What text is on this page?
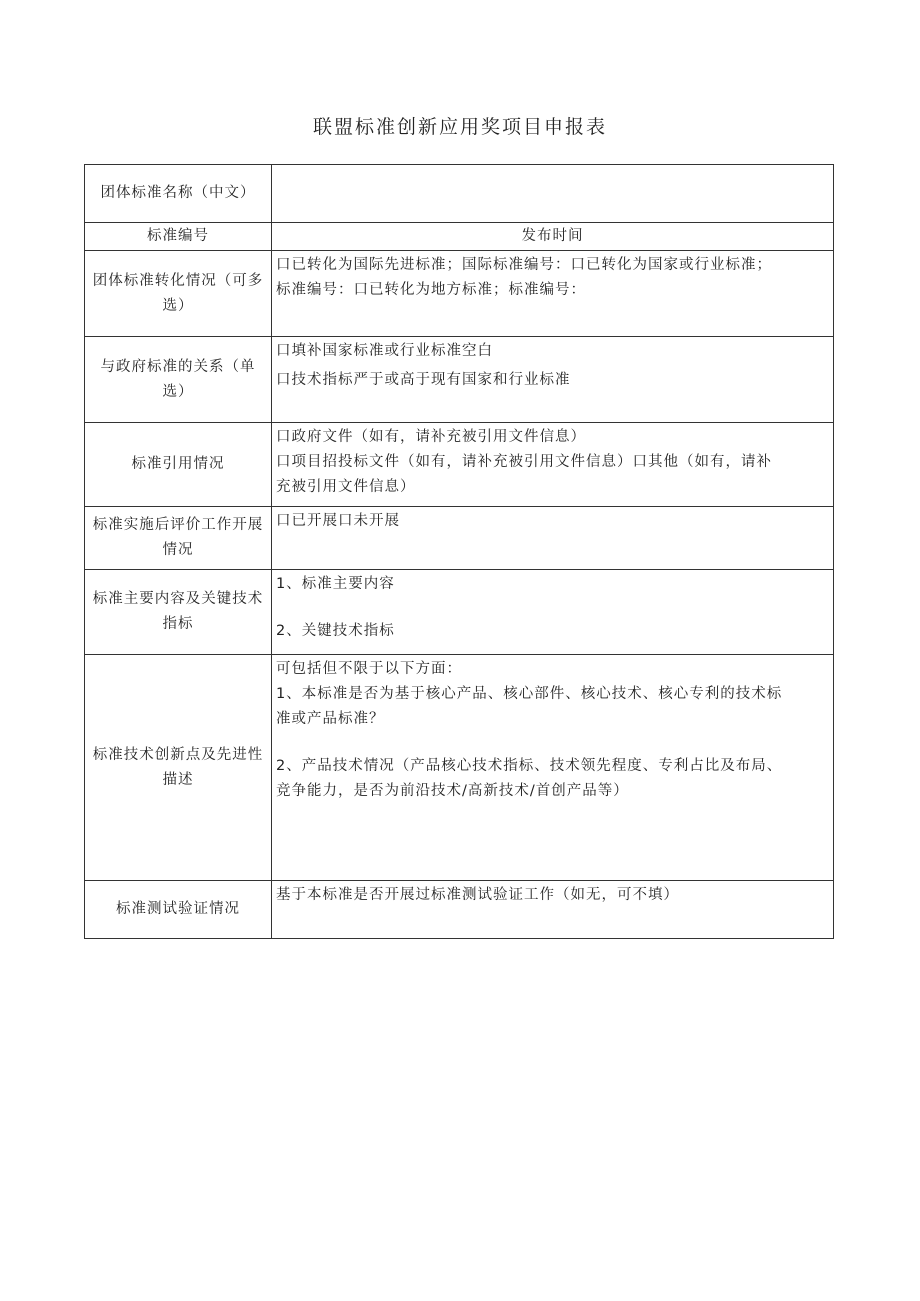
联盟标准创新应用奖项目申报表
团体标准名称（中文）	
标准编号	发布时间
团体标准转化情况（可多选）	口已转化为国际先进标准；国际标准编号：口已转化为国家或行业标准；
标准编号：口已转化为地方标准；标准编号：

与政府标准的关系（单选）	口填补国家标准或行业标准空白
口技术指标严于或高于现有国家和行业标准

标准引用情况	口政府文件（如有，请补充被引用文件信息）
口项目招投标文件（如有，请补充被引用文件信息）口其他（如有，请补
充被引用文件信息）

标准实施后评价工作开展情况	口已开展口未开展

标准主要内容及关键技术指标	1、标准主要内容
2、关键技术指标

标准技术创新点及先进性描述	可包括但不限于以下方面：
1、本标准是否为基于核心产品、核心部件、核心技术、核心专利的技术标
准或产品标准？
2、产品技术情况（产品核心技术指标、技术领先程度、专利占比及布局、
竞争能力，是否为前沿技术/高新技术/首创产品等）

标准测试验证情况	基于本标准是否开展过标准测试验证工作（如无，可不填）
